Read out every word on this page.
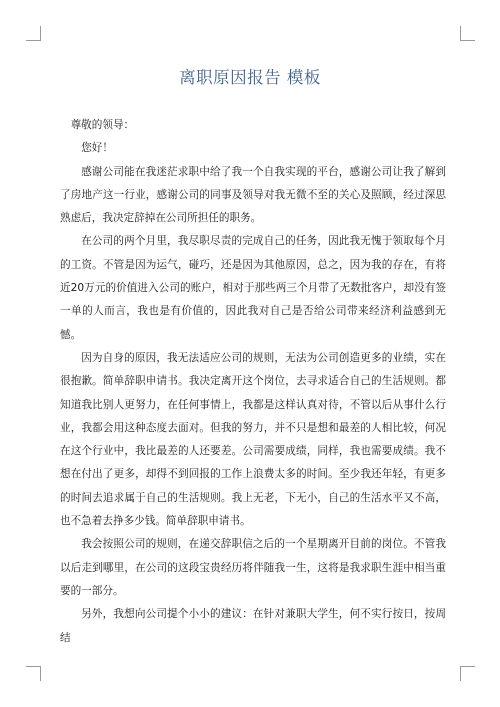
离职原因报告 模板

尊敬的领导：

您好！

感谢公司能在我迷茫求职中给了我一个自我实现的平台，感谢公司让我了解到了房地产这一行业，感谢公司的同事及领导对我无微不至的关心及照顾，经过深思熟虑后，我决定辞掉在公司所担任的职务。

在公司的两个月里，我尽职尽责的完成自己的任务，因此我无愧于领取每个月的工资。不管是因为运气，碰巧，还是因为其他原因，总之，因为我的存在，有将近20万元的价值进入公司的账户，相对于那些两三个月带了无数批客户，却没有签一单的人而言，我也是有价值的，因此我对自己是否给公司带来经济利益感到无憾。

因为自身的原因，我无法适应公司的规则，无法为公司创造更多的业绩，实在很抱歉。简单辞职申请书。我决定离开这个岗位，去寻求适合自己的生活规则。都知道我比别人更努力，在任何事情上，我都是这样认真对待，不管以后从事什么行业，我都会用这种态度去面对。但我的努力，并不只是想和最差的人相比较，何况在这个行业中，我比最差的人还要差。公司需要成绩，同样，我也需要成绩。我不想在付出了更多，却得不到回报的工作上浪费太多的时间。至少我还年轻，有更多的时间去追求属于自己的生活规则。我上无老，下无小，自己的生活水平又不高，也不急着去挣多少钱。简单辞职申请书。

我会按照公司的规则，在递交辞职信之后的一个星期离开目前的岗位。不管我以后走到哪里，在公司的这段宝贵经历将伴随我一生，这将是我求职生涯中相当重要的一部分。

另外，我想向公司提个小小的建议：在针对兼职大学生，何不实行按日，按周结
